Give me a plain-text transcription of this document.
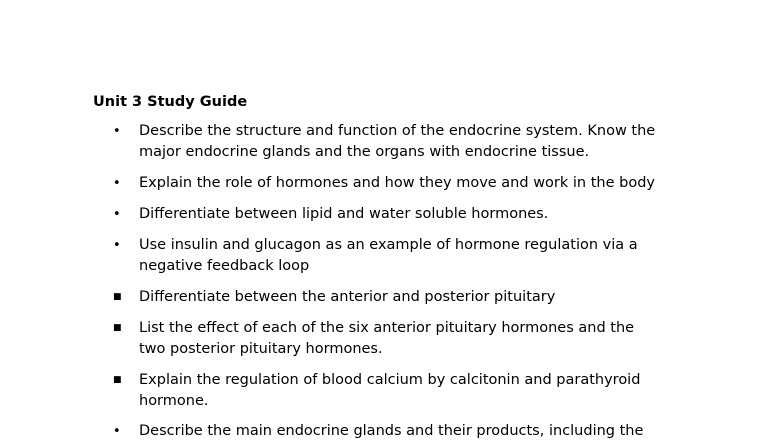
Unit 3 Study Guide
•	Describe the structure and function of the endocrine system. Know the
major endocrine glands and the organs with endocrine tissue.
•	Explain the role of hormones and how they move and work in the body
•	Differentiate between lipid and water soluble hormones.
•	Use insulin and glucagon as an example of hormone regulation via a
negative feedback loop
■	Differentiate between the anterior and posterior pituitary
■	List the effect of each of the six anterior pituitary hormones and the
two posterior pituitary hormones.
■	Explain the regulation of blood calcium by calcitonin and parathyroid
hormone.
•	Describe the main endocrine glands and their products, including the
